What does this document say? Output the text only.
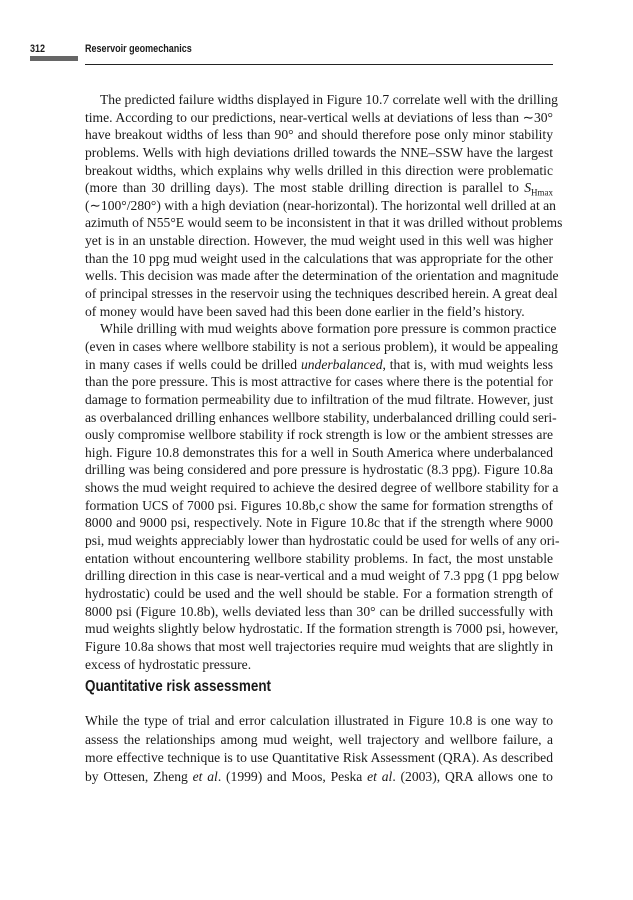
312	Reservoir geomechanics
The predicted failure widths displayed in Figure 10.7 correlate well with the drilling
time. According to our predictions, near-vertical wells at deviations of less than ∼30°
have breakout widths of less than 90° and should therefore pose only minor stability
problems. Wells with high deviations drilled towards the NNE–SSW have the largest
breakout widths, which explains why wells drilled in this direction were problematic
(more than 30 drilling days). The most stable drilling direction is parallel to $S_{Hmax}$
(∼100°/280°) with a high deviation (near-horizontal). The horizontal well drilled at an
azimuth of N55°E would seem to be inconsistent in that it was drilled without problems
yet is in an unstable direction. However, the mud weight used in this well was higher
than the 10 ppg mud weight used in the calculations that was appropriate for the other
wells. This decision was made after the determination of the orientation and magnitude
of principal stresses in the reservoir using the techniques described herein. A great deal
of money would have been saved had this been done earlier in the field’s history.
While drilling with mud weights above formation pore pressure is common practice
(even in cases where wellbore stability is not a serious problem), it would be appealing
in many cases if wells could be drilled underbalanced, that is, with mud weights less
than the pore pressure. This is most attractive for cases where there is the potential for
damage to formation permeability due to infiltration of the mud filtrate. However, just
as overbalanced drilling enhances wellbore stability, underbalanced drilling could seri-
ously compromise wellbore stability if rock strength is low or the ambient stresses are
high. Figure 10.8 demonstrates this for a well in South America where underbalanced
drilling was being considered and pore pressure is hydrostatic (8.3 ppg). Figure 10.8a
shows the mud weight required to achieve the desired degree of wellbore stability for a
formation UCS of 7000 psi. Figures 10.8b,c show the same for formation strengths of
8000 and 9000 psi, respectively. Note in Figure 10.8c that if the strength where 9000
psi, mud weights appreciably lower than hydrostatic could be used for wells of any ori-
entation without encountering wellbore stability problems. In fact, the most unstable
drilling direction in this case is near-vertical and a mud weight of 7.3 ppg (1 ppg below
hydrostatic) could be used and the well should be stable. For a formation strength of
8000 psi (Figure 10.8b), wells deviated less than 30° can be drilled successfully with
mud weights slightly below hydrostatic. If the formation strength is 7000 psi, however,
Figure 10.8a shows that most well trajectories require mud weights that are slightly in
excess of hydrostatic pressure.
Quantitative risk assessment
While the type of trial and error calculation illustrated in Figure 10.8 is one way to
assess the relationships among mud weight, well trajectory and wellbore failure, a
more effective technique is to use Quantitative Risk Assessment (QRA). As described
by Ottesen, Zheng et al. (1999) and Moos, Peska et al. (2003), QRA allows one to
